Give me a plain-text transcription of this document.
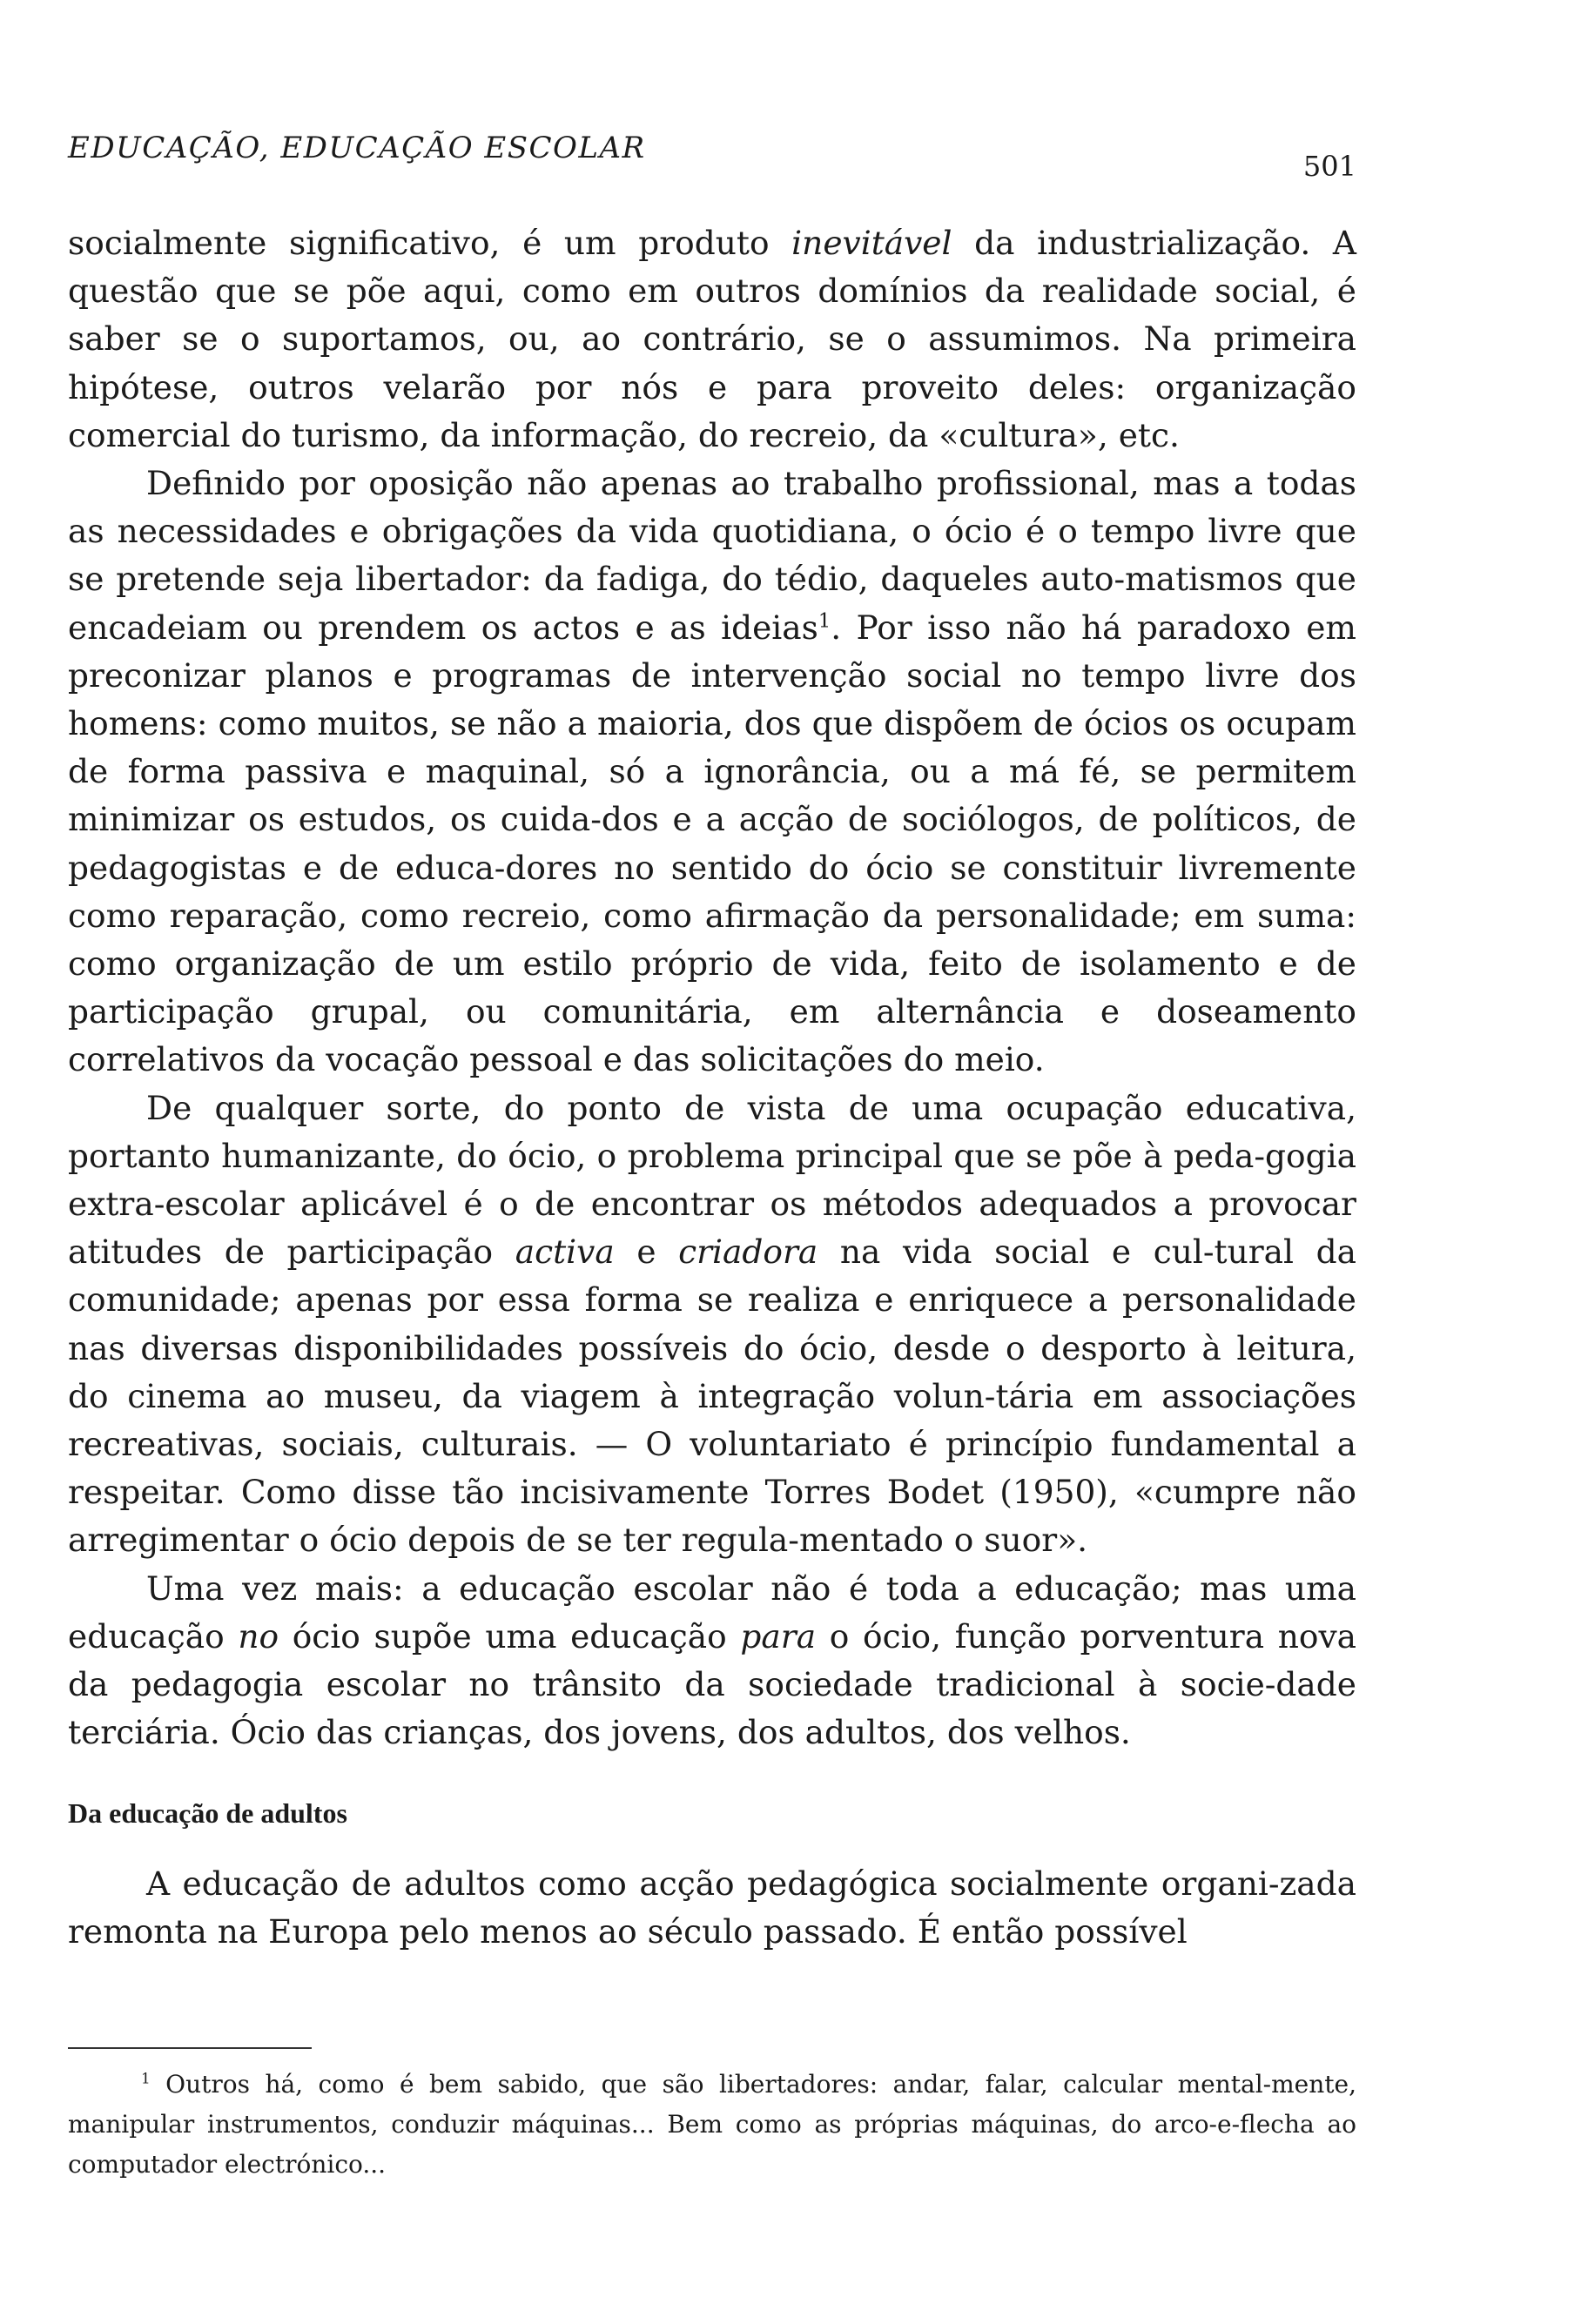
EDUCAÇÃO, EDUCAÇÃO ESCOLAR
501

socialmente significativo, é um produto inevitável da industrialização. A questão que se põe aqui, como em outros domínios da realidade social, é saber se o suportamos, ou, ao contrário, se o assumimos. Na primeira hipótese, outros velarão por nós e para proveito deles: organização comercial do turismo, da informação, do recreio, da «cultura», etc.

Definido por oposição não apenas ao trabalho profissional, mas a todas as necessidades e obrigações da vida quotidiana, o ócio é o tempo livre que se pretende seja libertador: da fadiga, do tédio, daqueles auto-matismos que encadeiam ou prendem os actos e as ideias$^1$. Por isso não há paradoxo em preconizar planos e programas de intervenção social no tempo livre dos homens: como muitos, se não a maioria, dos que dispõem de ócios os ocupam de forma passiva e maquinal, só a ignorância, ou a má fé, se permitem minimizar os estudos, os cuida-dos e a acção de sociólogos, de políticos, de pedagogistas e de educa-dores no sentido do ócio se constituir livremente como reparação, como recreio, como afirmação da personalidade; em suma: como organização de um estilo próprio de vida, feito de isolamento e de participação grupal, ou comunitária, em alternância e doseamento correlativos da vocação pessoal e das solicitações do meio.

De qualquer sorte, do ponto de vista de uma ocupação educativa, portanto humanizante, do ócio, o problema principal que se põe à peda-gogia extra-escolar aplicável é o de encontrar os métodos adequados a provocar atitudes de participação activa e criadora na vida social e cul-tural da comunidade; apenas por essa forma se realiza e enriquece a personalidade nas diversas disponibilidades possíveis do ócio, desde o desporto à leitura, do cinema ao museu, da viagem à integração volun-tária em associações recreativas, sociais, culturais. — O voluntariato é princípio fundamental a respeitar. Como disse tão incisivamente Torres Bodet (1950), «cumpre não arregimentar o ócio depois de se ter regula-mentado o suor».

Uma vez mais: a educação escolar não é toda a educação; mas uma educação no ócio supõe uma educação para o ócio, função porventura nova da pedagogia escolar no trânsito da sociedade tradicional à socie-dade terciária. Ócio das crianças, dos jovens, dos adultos, dos velhos.

Da educação de adultos

A educação de adultos como acção pedagógica socialmente organi-zada remonta na Europa pelo menos ao século passado. É então possível

$^1$ Outros há, como é bem sabido, que são libertadores: andar, falar, calcular mental-mente, manipular instrumentos, conduzir máquinas... Bem como as próprias máquinas, do arco-e-flecha ao computador electrónico...
